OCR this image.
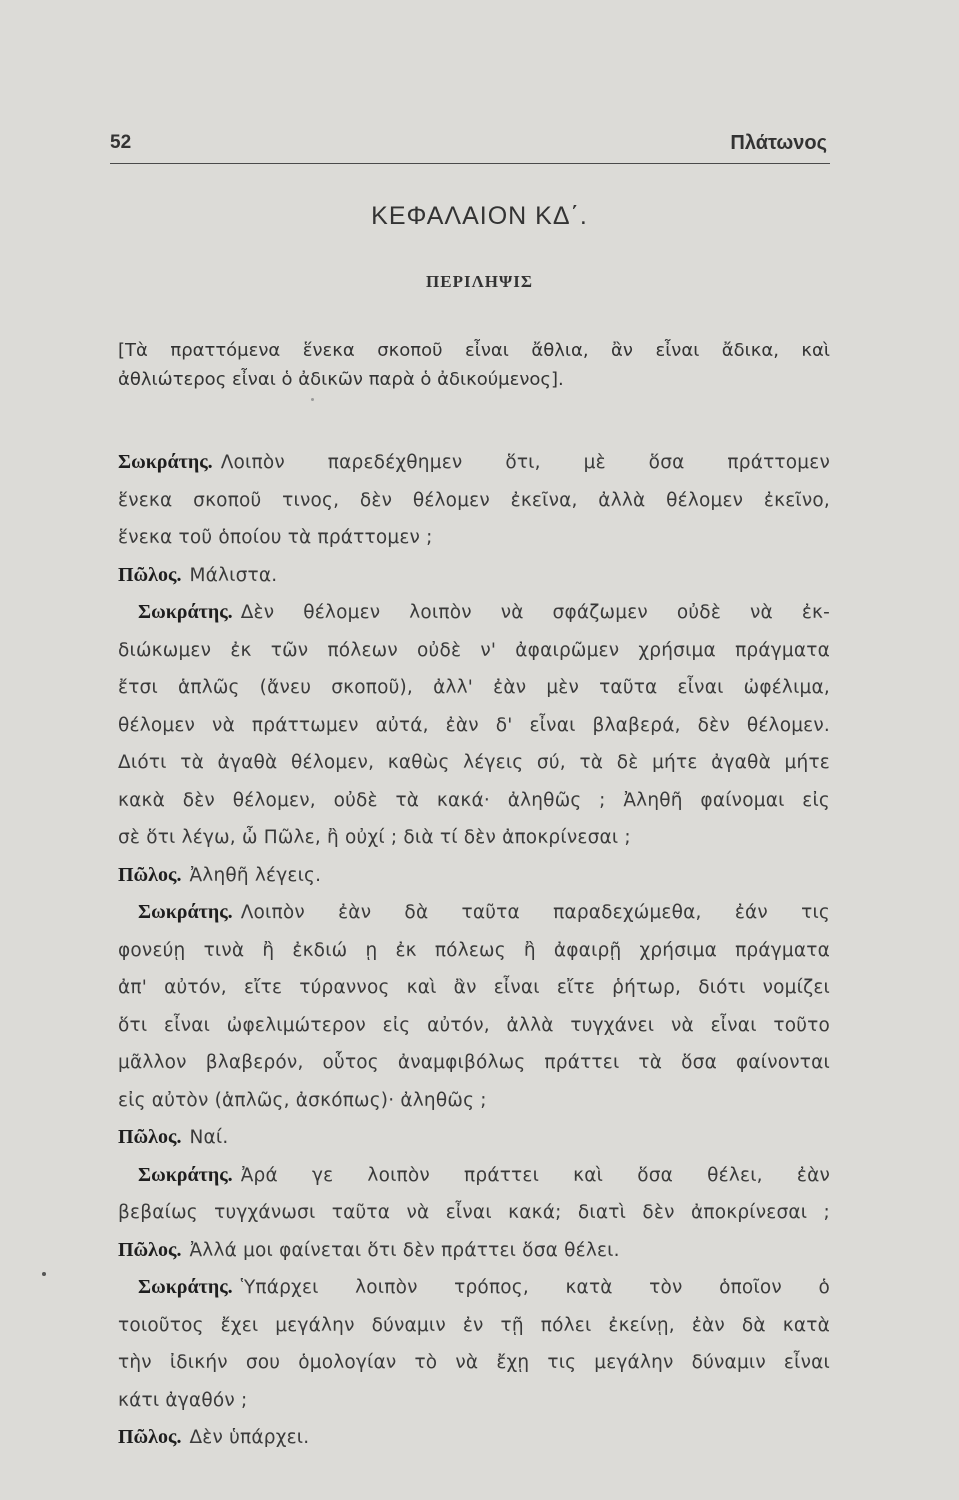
52	Πλάτωνος
ΚΕΦΑΛΑΙΟΝ ΚΔ΄.
ΠΕΡΙΛΗΨΙΣ
[Τὰ πραττόμενα ἕνεκα σκοποῦ εἶναι ἄθλια, ἂν εἶναι ἄδικα, καὶ
ἀθλιώτερος εἶναι ὁ ἀδικῶν παρὰ ὁ ἀδικούμενος].
Σωκράτης. Λοιπὸν παρεδέχθημεν ὅτι, μὲ ὅσα πράττομεν
ἕνεκα σκοποῦ τινος, δὲν θέλομεν ἐκεῖνα, ἀλλὰ θέλομεν ἐκεῖνο,
ἕνεκα τοῦ ὁποίου τὰ πράττομεν ;
Πῶλος. Μάλιστα.
Σωκράτης. Δὲν θέλομεν λοιπὸν νὰ σφάζωμεν οὐδὲ νὰ ἐκ-
διώκωμεν ἐκ τῶν πόλεων οὐδὲ ν' ἀφαιρῶμεν χρήσιμα πράγματα
ἔτσι ἁπλῶς (ἄνευ σκοποῦ), ἀλλ' ἐὰν μὲν ταῦτα εἶναι ὠφέλιμα,
θέλομεν νὰ πράττωμεν αὐτά, ἐὰν δ' εἶναι βλαβερά, δὲν θέλομεν.
Διότι τὰ ἀγαθὰ θέλομεν, καθὼς λέγεις σύ, τὰ δὲ μήτε ἀγαθὰ μήτε
κακὰ δὲν θέλομεν, οὐδὲ τὰ κακά· ἀληθῶς ; Ἀληθῆ φαίνομαι εἰς
σὲ ὅτι λέγω, ὦ Πῶλε, ἢ οὐχί ; διὰ τί δὲν ἀποκρίνεσαι ;
Πῶλος. Ἀληθῆ λέγεις.
Σωκράτης. Λοιπὸν ἐὰν δὰ ταῦτα παραδεχώμεθα, ἐάν τις
φονεύῃ τινὰ ἢ ἐκδιώ ῃ ἐκ πόλεως ἢ ἀφαιρῇ χρήσιμα πράγματα
ἀπ' αὐτόν, εἴτε τύραννος καὶ ἂν εἶναι εἴτε ῥήτωρ, διότι νομίζει
ὅτι εἶναι ὠφελιμώτερον εἰς αὐτόν, ἀλλὰ τυγχάνει νὰ εἶναι τοῦτο
μᾶλλον βλαβερόν, οὗτος ἀναμφιβόλως πράττει τὰ ὅσα φαίνονται
εἰς αὐτὸν (ἁπλῶς, ἀσκόπως)· ἀληθῶς ;
Πῶλος. Ναί.
Σωκράτης. Ἀρά γε λοιπὸν πράττει καὶ ὅσα θέλει, ἐὰν
βεβαίως τυγχάνωσι ταῦτα νὰ εἶναι κακά; διατὶ δὲν ἀποκρίνεσαι ;
Πῶλος. Ἀλλά μοι φαίνεται ὅτι δὲν πράττει ὅσα θέλει.
Σωκράτης. Ὑπάρχει λοιπὸν τρόπος, κατὰ τὸν ὁποῖον ὁ
τοιοῦτος ἔχει μεγάλην δύναμιν ἐν τῇ πόλει ἐκείνῃ, ἐὰν δὰ κατὰ
τὴν ἰδικήν σου ὁμολογίαν τὸ νὰ ἔχῃ τις μεγάλην δύναμιν εἶναι
κάτι ἀγαθόν ;
Πῶλος. Δὲν ὑπάρχει.
